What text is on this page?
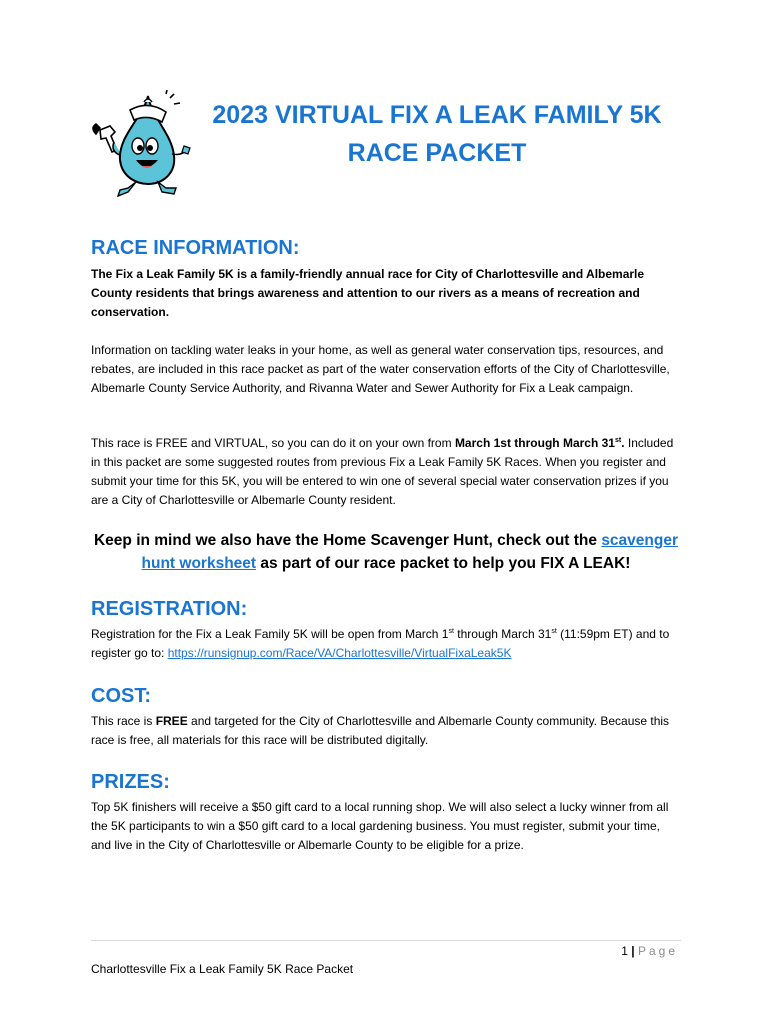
2023 VIRTUAL FIX A LEAK FAMILY 5K
RACE PACKET
RACE INFORMATION:

The Fix a Leak Family 5K is a family-friendly annual race for City of Charlottesville and Albemarle County residents that brings awareness and attention to our rivers as a means of recreation and conservation.

Information on tackling water leaks in your home, as well as general water conservation tips, resources, and rebates, are included in this race packet as part of the water conservation efforts of the City of Charlottesville, Albemarle County Service Authority, and Rivanna Water and Sewer Authority for Fix a Leak campaign.

This race is FREE and VIRTUAL, so you can do it on your own from March 1st through March 31st. Included in this packet are some suggested routes from previous Fix a Leak Family 5K Races. When you register and submit your time for this 5K, you will be entered to win one of several special water conservation prizes if you are a City of Charlottesville or Albemarle County resident.

Keep in mind we also have the Home Scavenger Hunt, check out the scavenger hunt worksheet as part of our race packet to help you FIX A LEAK!

REGISTRATION:

Registration for the Fix a Leak Family 5K will be open from March 1st through March 31st (11:59pm ET) and to register go to: https://runsignup.com/Race/VA/Charlottesville/VirtualFixaLeak5K

COST:

This race is FREE and targeted for the City of Charlottesville and Albemarle County community. Because this race is free, all materials for this race will be distributed digitally.

PRIZES:

Top 5K finishers will receive a $50 gift card to a local running shop. We will also select a lucky winner from all the 5K participants to win a $50 gift card to a local gardening business. You must register, submit your time, and live in the City of Charlottesville or Albemarle County to be eligible for a prize.

1 | Page
Charlottesville Fix a Leak Family 5K Race Packet
